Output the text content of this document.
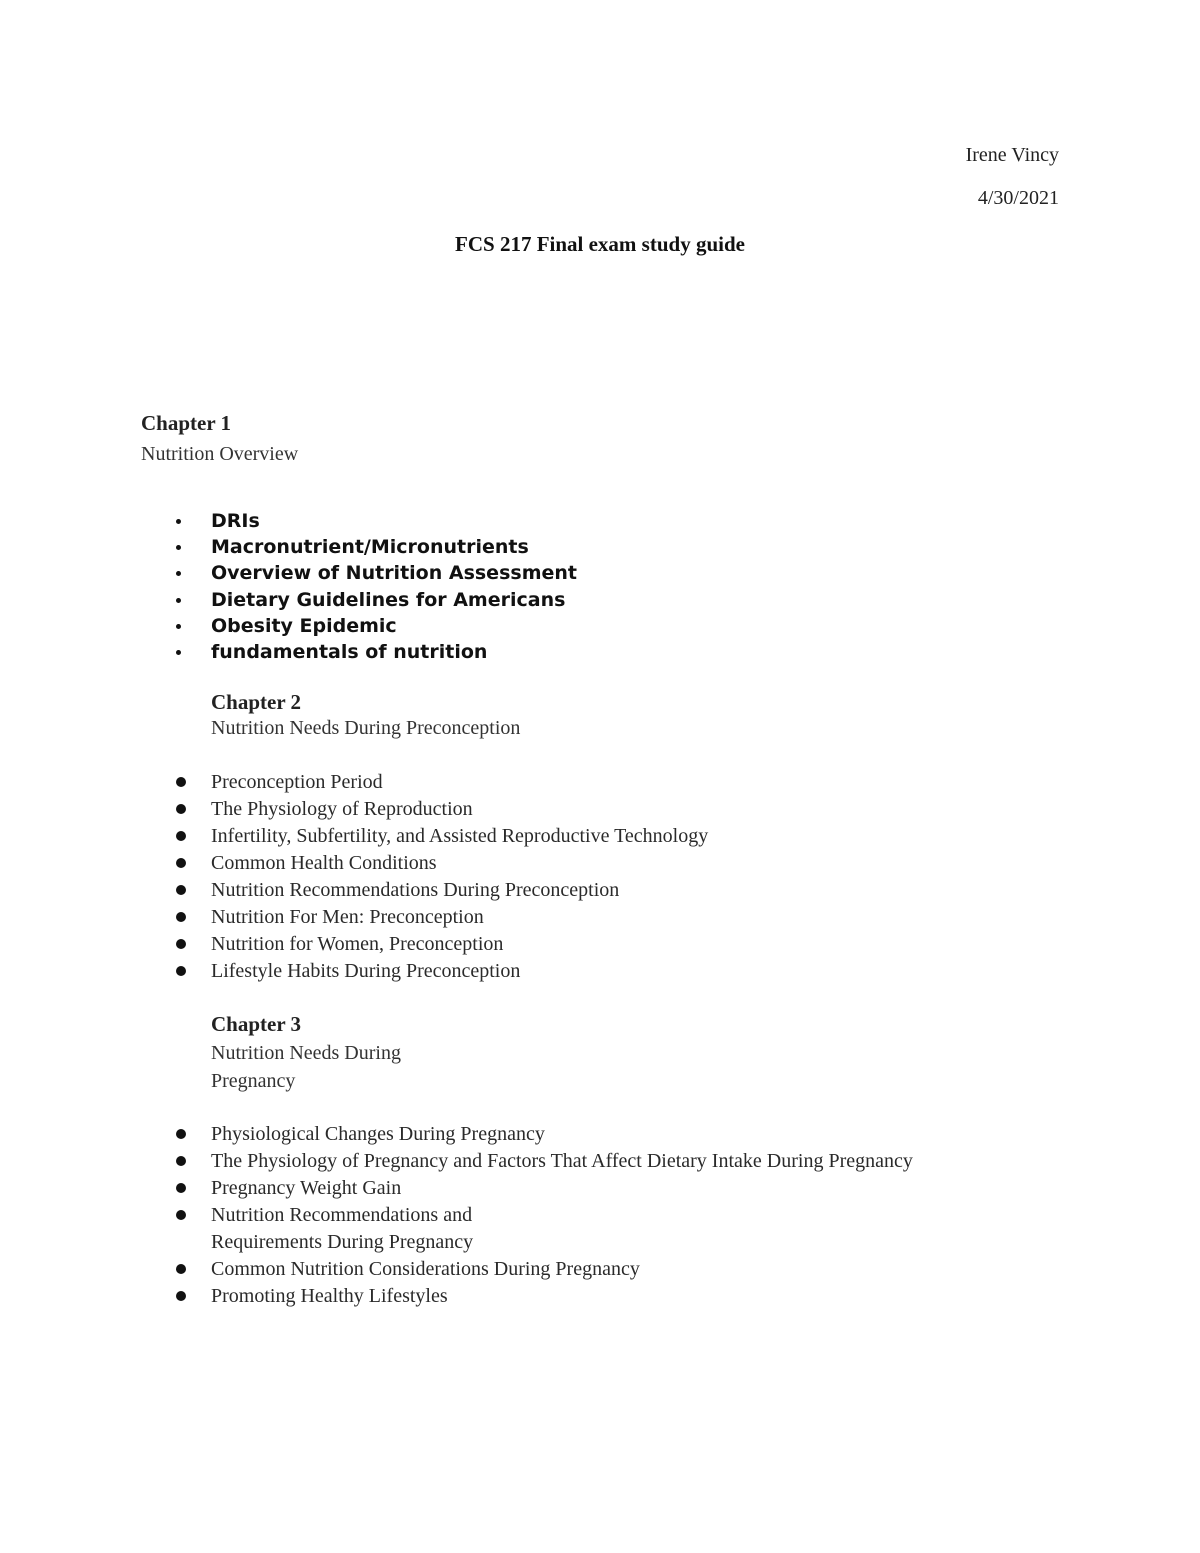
Irene Vincy
4/30/2021
FCS 217 Final exam study guide
Chapter 1

Nutrition Overview

DRIs
Macronutrient/Micronutrients
Overview of Nutrition Assessment
Dietary Guidelines for Americans
Obesity Epidemic
fundamentals of nutrition
Chapter 2

Nutrition Needs During Preconception

Preconception Period
The Physiology of Reproduction
Infertility, Subfertility, and Assisted Reproductive Technology
Common Health Conditions
Nutrition Recommendations During Preconception
Nutrition For Men: Preconception
Nutrition for Women, Preconception
Lifestyle Habits During Preconception
Chapter 3

Nutrition Needs During

Pregnancy

Physiological Changes During Pregnancy
The Physiology of Pregnancy and Factors That Affect Dietary Intake During Pregnancy
Pregnancy Weight Gain
Nutrition Recommendations and
Requirements During Pregnancy
Common Nutrition Considerations During Pregnancy
Promoting Healthy Lifestyles
